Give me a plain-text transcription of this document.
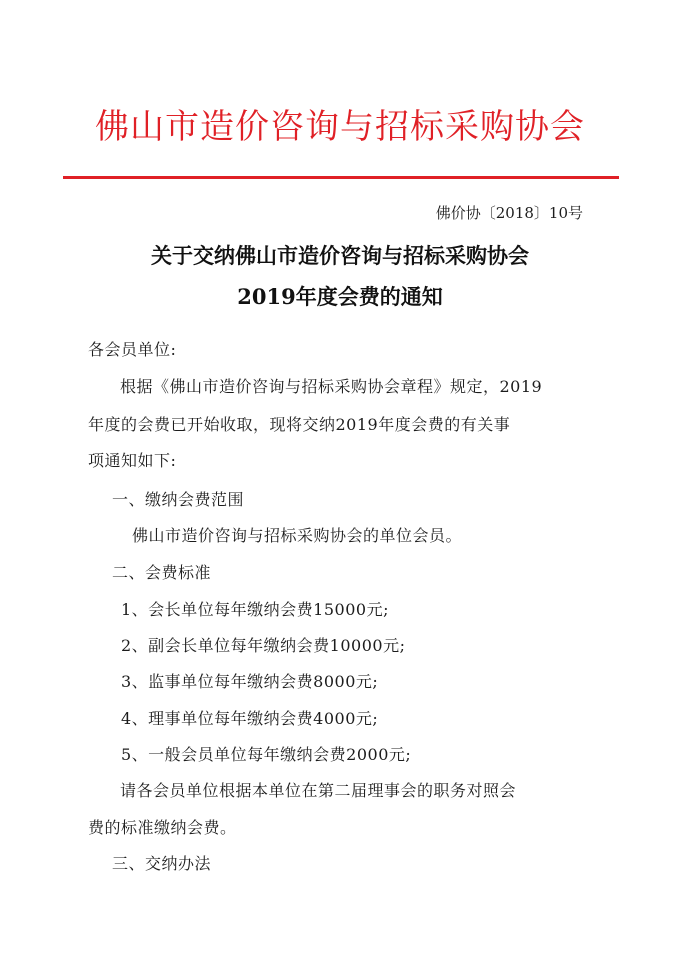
佛山市造价咨询与招标采购协会
佛价协〔2018〕10号
关于交纳佛山市造价咨询与招标采购协会
2019年度会费的通知
各会员单位:
根据《佛山市造价咨询与招标采购协会章程》规定，2019
年度的会费已开始收取，现将交纳2019年度会费的有关事
项通知如下:
一、缴纳会费范围
佛山市造价咨询与招标采购协会的单位会员。
二、会费标准
1、会长单位每年缴纳会费15000元;
2、副会长单位每年缴纳会费10000元;
3、监事单位每年缴纳会费8000元;
4、理事单位每年缴纳会费4000元;
5、一般会员单位每年缴纳会费2000元;
请各会员单位根据本单位在第二届理事会的职务对照会
费的标准缴纳会费。
三、交纳办法
